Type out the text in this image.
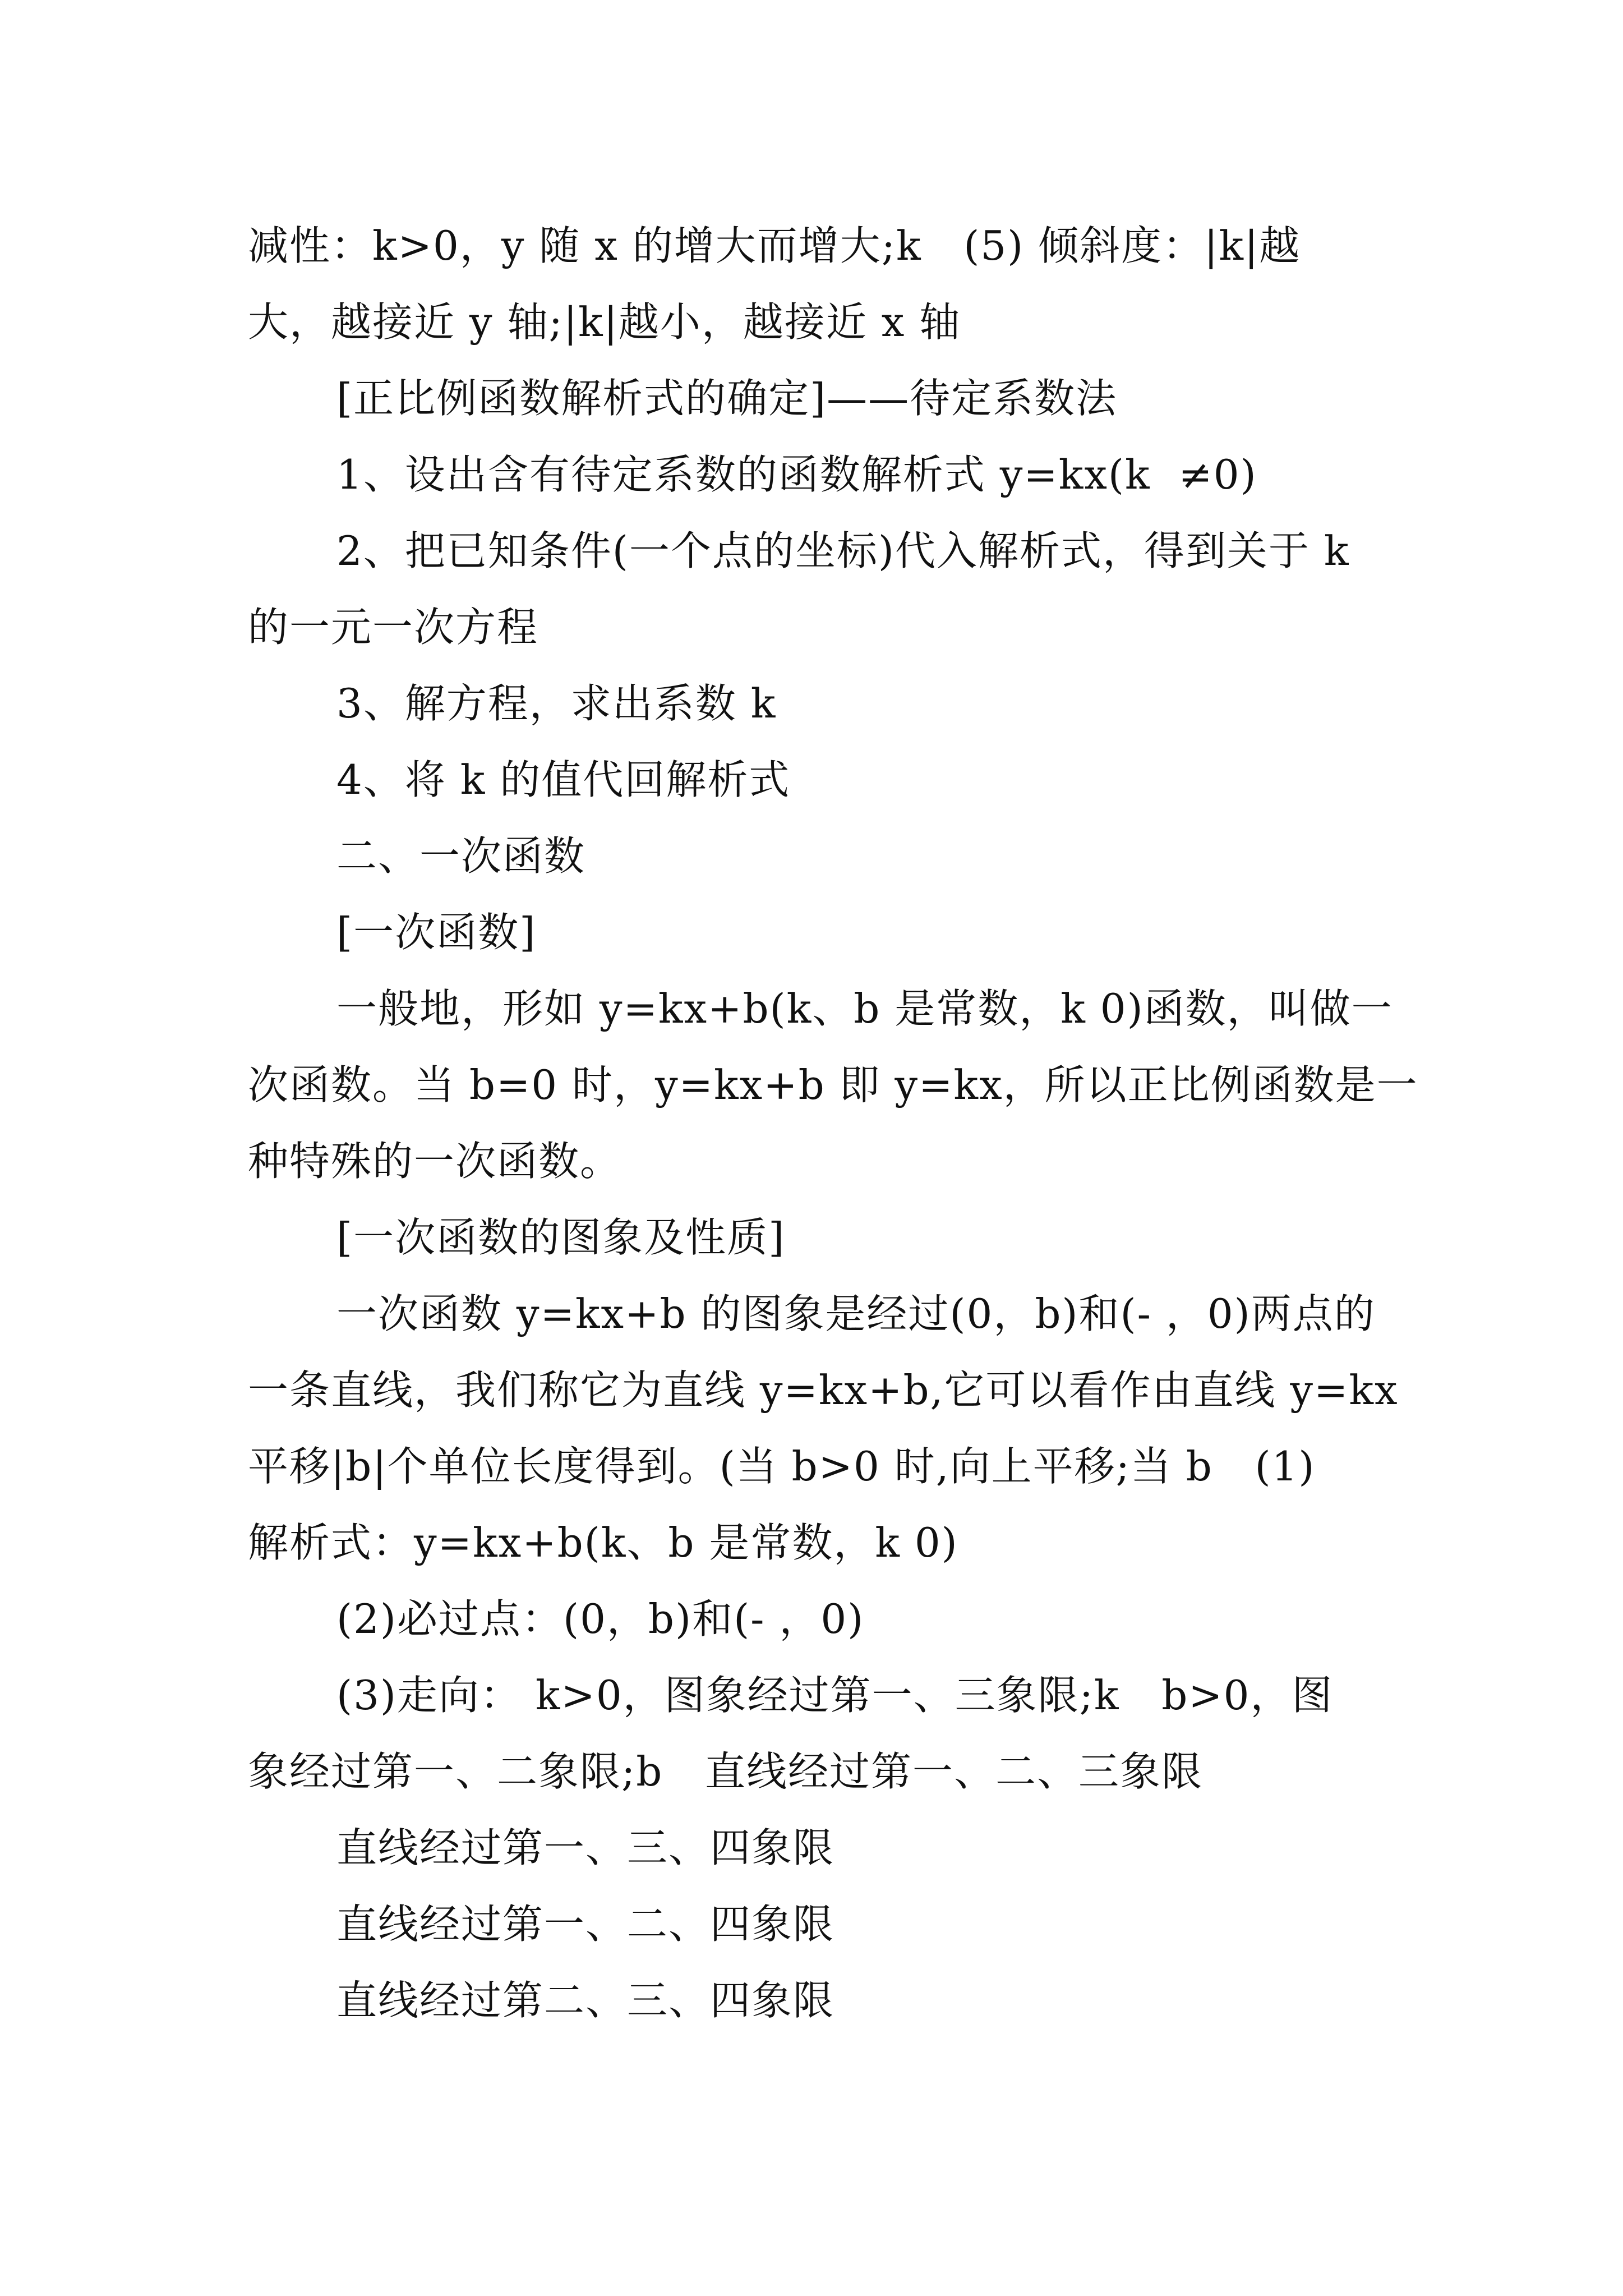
减性：k>0，y 随 x 的增大而增大;k   (5) 倾斜度：|k|越
大，越接近 y 轴;|k|越小，越接近 x 轴
[正比例函数解析式的确定]——待定系数法
1、设出含有待定系数的函数解析式 y=kx(k  ≠0)
2、把已知条件(一个点的坐标)代入解析式，得到关于 k
的一元一次方程
3、解方程，求出系数 k
4、将 k 的值代回解析式
二、一次函数
[一次函数]
一般地，形如 y=kx+b(k、b 是常数，k 0)函数，叫做一
次函数。当 b=0 时，y=kx+b 即 y=kx，所以正比例函数是一
种特殊的一次函数。
[一次函数的图象及性质]
一次函数 y=kx+b 的图象是经过(0，b)和(- ，0)两点的
一条直线，我们称它为直线 y=kx+b,它可以看作由直线 y=kx
平移|b|个单位长度得到。(当 b>0 时,向上平移;当 b   (1)
解析式：y=kx+b(k、b 是常数，k 0)
(2)必过点：(0，b)和(- ，0)
(3)走向： k>0，图象经过第一、三象限;k   b>0，图
象经过第一、二象限;b   直线经过第一、二、三象限
直线经过第一、三、四象限
直线经过第一、二、四象限
直线经过第二、三、四象限
